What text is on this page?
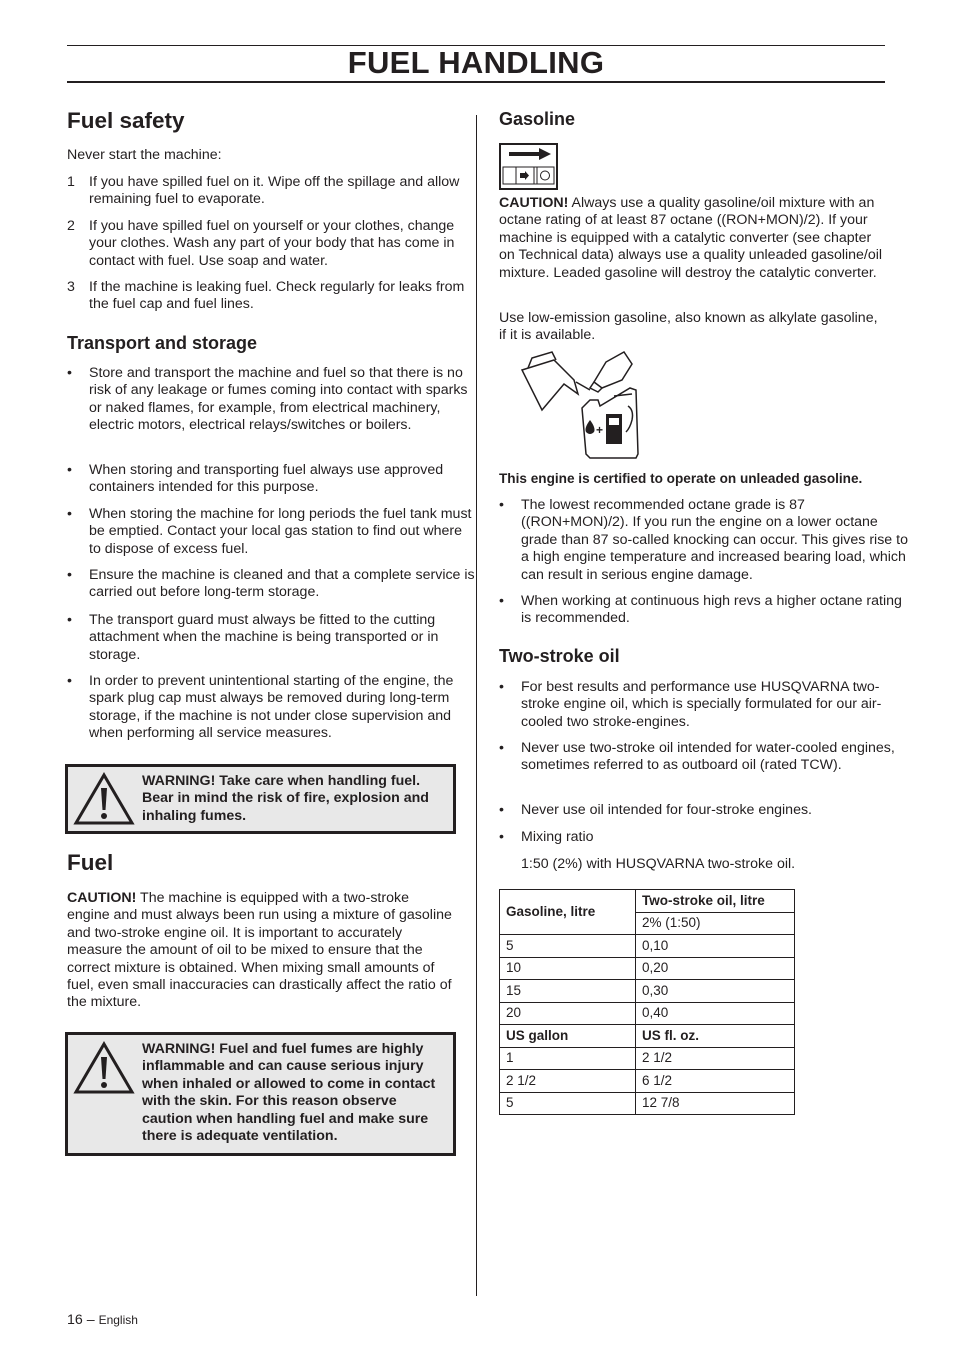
FUEL HANDLING
Fuel safety

Never start the machine:

1 If you have spilled fuel on it. Wipe off the spillage and allow remaining fuel to evaporate.
2 If you have spilled fuel on yourself or your clothes, change your clothes. Wash any part of your body that has come in contact with fuel. Use soap and water.
3 If the machine is leaking fuel. Check regularly for leaks from the fuel cap and fuel lines.
Transport and storage
• Store and transport the machine and fuel so that there is no risk of any leakage or fumes coming into contact with sparks or naked flames, for example, from electrical machinery, electric motors, electrical relays/switches or boilers.
• When storing and transporting fuel always use approved containers intended for this purpose.
• When storing the machine for long periods the fuel tank must be emptied. Contact your local gas station to find out where to dispose of excess fuel.
• Ensure the machine is cleaned and that a complete service is carried out before long-term storage.
• The transport guard must always be fitted to the cutting attachment when the machine is being transported or in storage.
• In order to prevent unintentional starting of the engine, the spark plug cap must always be removed during long-term storage, if the machine is not under close supervision and when performing all service measures.
WARNING! Take care when handling fuel. Bear in mind the risk of fire, explosion and inhaling fumes.
Fuel

CAUTION! The machine is equipped with a two-stroke engine and must always been run using a mixture of gasoline and two-stroke engine oil. It is important to accurately measure the amount of oil to be mixed to ensure that the correct mixture is obtained. When mixing small amounts of fuel, even small inaccuracies can drastically affect the ratio of the mixture.

WARNING! Fuel and fuel fumes are highly inflammable and can cause serious injury when inhaled or allowed to come in contact with the skin. For this reason observe caution when handling fuel and make sure there is adequate ventilation.
Gasoline

CAUTION! Always use a quality gasoline/oil mixture with an octane rating of at least 87 octane ((RON+MON)/2). If your machine is equipped with a catalytic converter (see chapter on Technical data) always use a quality unleaded gasoline/oil mixture. Leaded gasoline will destroy the catalytic converter.

Use low-emission gasoline, also known as alkylate gasoline, if it is available.

+

This engine is certified to operate on unleaded gasoline.

• The lowest recommended octane grade is 87 ((RON+MON)/2). If you run the engine on a lower octane grade than 87 so-called knocking can occur. This gives rise to a high engine temperature and increased bearing load, which can result in serious engine damage.
• When working at continuous high revs a higher octane rating is recommended.
Two-stroke oil
• For best results and performance use HUSQVARNA two-stroke engine oil, which is specially formulated for our air-cooled two stroke-engines.
• Never use two-stroke oil intended for water-cooled engines, sometimes referred to as outboard oil (rated TCW).
• Never use oil intended for four-stroke engines.
• Mixing ratio

1:50 (2%) with HUSQVARNA two-stroke oil.

Gasoline, litre	Two-stroke oil, litre
	2% (1:50)
5	0,10
10	0,20
15	0,30
20	0,40
US gallon	US fl. oz.
1	2 1/2
2 1/2	6 1/2
5	12 7/8
16 – English
